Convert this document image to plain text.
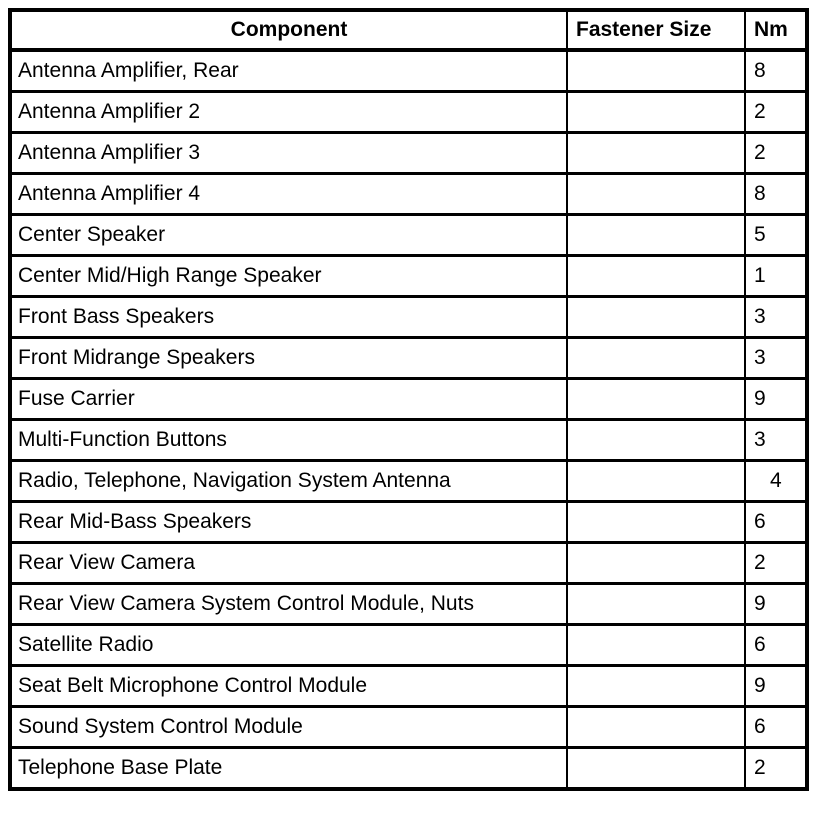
Component	Fastener Size	Nm
Antenna Amplifier, Rear		8
Antenna Amplifier 2		2
Antenna Amplifier 3		2
Antenna Amplifier 4		8
Center Speaker		5
Center Mid/High Range Speaker		1
Front Bass Speakers		3
Front Midrange Speakers		3
Fuse Carrier		9
Multi-Function Buttons		3
Radio, Telephone, Navigation System Antenna		4
Rear Mid-Bass Speakers		6
Rear View Camera		2
Rear View Camera System Control Module, Nuts		9
Satellite Radio		6
Seat Belt Microphone Control Module		9
Sound System Control Module		6
Telephone Base Plate		2
